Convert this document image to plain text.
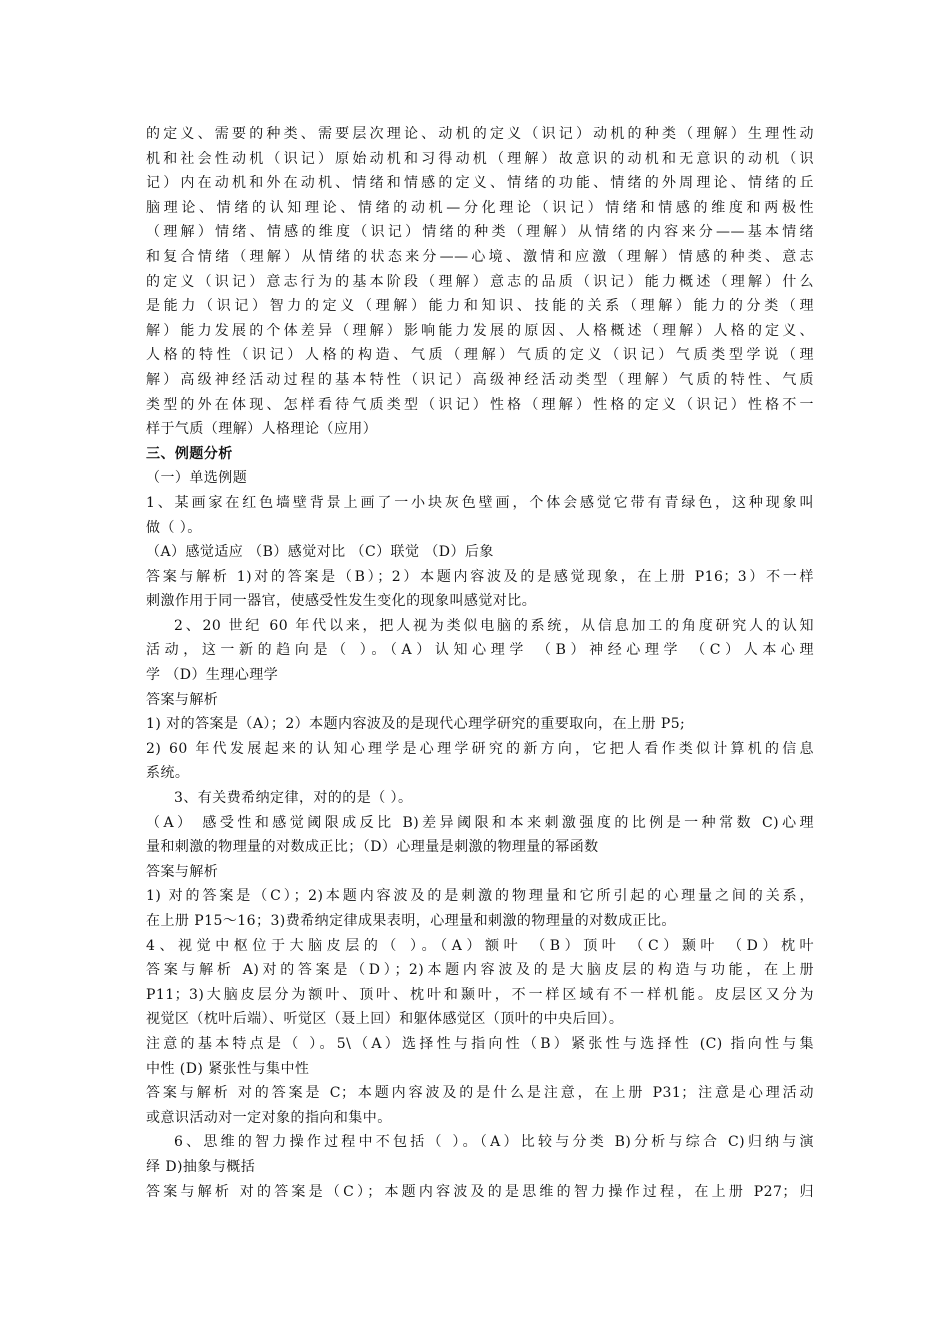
的定义、需要的种类、需要层次理论、动机的定义（识记）动机的种类（理解）生理性动
机和社会性动机（识记）原始动机和习得动机（理解）故意识的动机和无意识的动机（识
记）内在动机和外在动机、情绪和情感的定义、情绪的功能、情绪的外周理论、情绪的丘
脑理论、情绪的认知理论、情绪的动机—分化理论（识记）情绪和情感的维度和两极性
（理解）情绪、情感的维度（识记）情绪的种类（理解）从情绪的内容来分——基本情绪
和复合情绪（理解）从情绪的状态来分——心境、激情和应激（理解）情感的种类、意志
的定义（识记）意志行为的基本阶段（理解）意志的品质（识记）能力概述（理解）什么
是能力（识记）智力的定义（理解）能力和知识、技能的关系（理解）能力的分类（理
解）能力发展的个体差异（理解）影响能力发展的原因、人格概述（理解）人格的定义、
人格的特性（识记）人格的构造、气质（理解）气质的定义（识记）气质类型学说（理
解）高级神经活动过程的基本特性（识记）高级神经活动类型（理解）气质的特性、气质
类型的外在体现、怎样看待气质类型（识记）性格（理解）性格的定义（识记）性格不一
样于气质（理解）人格理论（应用）
三、例题分析
（一）单选例题
1、某画家在红色墙壁背景上画了一小块灰色壁画，个体会感觉它带有青绿色，这种现象叫
做（ ）。
（A）感觉适应 （B）感觉对比 （C）联觉 （D）后象
答案与解析 1)对的答案是（B）；2）本题内容波及的是感觉现象，在上册 P16；3）不一样
刺激作用于同一器官，使感受性发生变化的现象叫感觉对比。
2、20 世纪 60 年代以来，把人视为类似电脑的系统，从信息加工的角度研究人的认知
活动，这一新的趋向是（ ）。（A）认知心理学 （B）神经心理学 （C）人本心理
学 （D）生理心理学
答案与解析
1) 对的答案是（A）；2）本题内容波及的是现代心理学研究的重要取向，在上册 P5;
2) 60 年代发展起来的认知心理学是心理学研究的新方向，它把人看作类似计算机的信息
系统。
3、有关费希纳定律，对的的是（ ）。
（A） 感受性和感觉阈限成反比 B)差异阈限和本来刺激强度的比例是一种常数 C)心理
量和刺激的物理量的对数成正比；（D）心理量是刺激的物理量的幂函数
答案与解析
1) 对的答案是（C）；2)本题内容波及的是刺激的物理量和它所引起的心理量之间的关系，
在上册 P15～16；3)费希纳定律成果表明，心理量和刺激的物理量的对数成正比。
4、视觉中枢位于大脑皮层的（ ）。（A）额叶 （B）顶叶 （C）颞叶 （D）枕叶
答案与解析 A)对的答案是（D）；2)本题内容波及的是大脑皮层的构造与功能，在上册
P11；3)大脑皮层分为额叶、顶叶、枕叶和颞叶，不一样区域有不一样机能。皮层区又分为
视觉区（枕叶后端）、听觉区（聂上回）和躯体感觉区（顶叶的中央后回）。
注意的基本特点是（ ）。5\（A）选择性与指向性（B）紧张性与选择性 (C) 指向性与集
中性 (D) 紧张性与集中性
答案与解析 对的答案是 C；本题内容波及的是什么是注意，在上册 P31；注意是心理活动
或意识活动对一定对象的指向和集中。
6、思维的智力操作过程中不包括（ ）。（A）比较与分类 B)分析与综合 C)归纳与演
绎 D)抽象与概括
答案与解析 对的答案是（C）；本题内容波及的是思维的智力操作过程，在上册 P27；归
